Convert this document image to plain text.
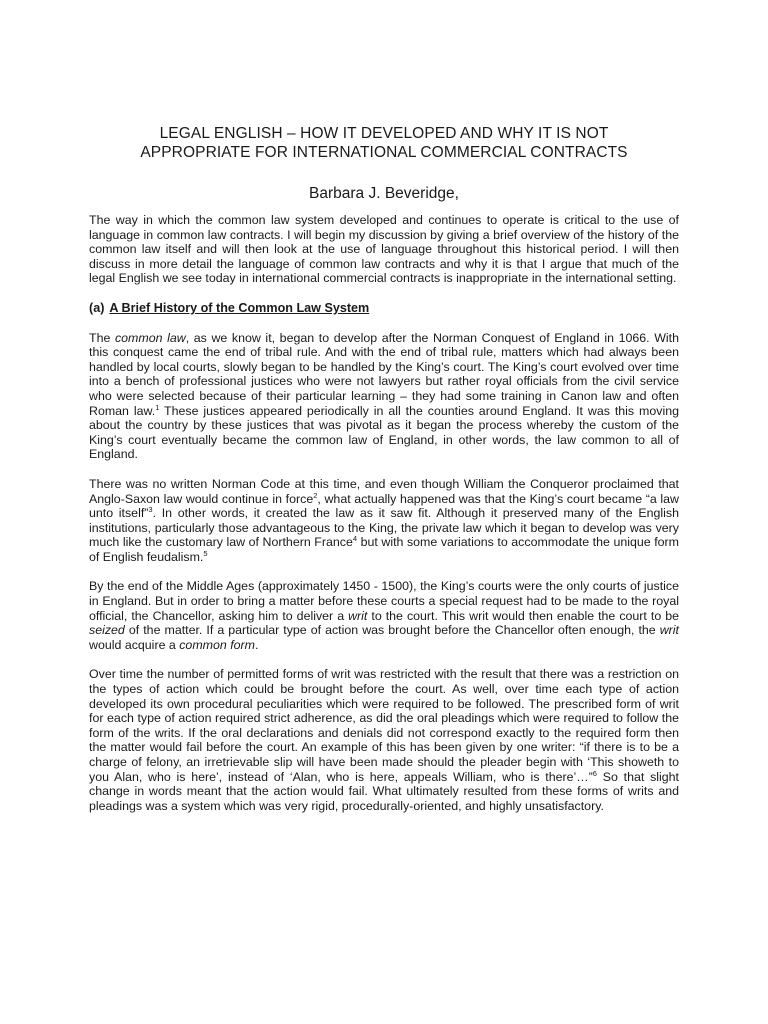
LEGAL ENGLISH – HOW IT DEVELOPED AND WHY IT IS NOT
APPROPRIATE FOR INTERNATIONAL COMMERCIAL CONTRACTS
Barbara J. Beveridge,

The way in which the common law system developed and continues to operate is critical to the use of language in common law contracts. I will begin my discussion by giving a brief overview of the history of the common law itself and will then look at the use of language throughout this historical period. I will then discuss in more detail the language of common law contracts and why it is that I argue that much of the legal English we see today in international commercial contracts is inappropriate in the international setting.

(a) A Brief History of the Common Law System

The common law, as we know it, began to develop after the Norman Conquest of England in 1066. With this conquest came the end of tribal rule. And with the end of tribal rule, matters which had always been handled by local courts, slowly began to be handled by the King’s court. The King’s court evolved over time into a bench of professional justices who were not lawyers but rather royal officials from the civil service who were selected because of their particular learning – they had some training in Canon law and often Roman law.$^1$ These justices appeared periodically in all the counties around England. It was this moving about the country by these justices that was pivotal as it began the process whereby the custom of the King’s court eventually became the common law of England, in other words, the law common to all of England.

There was no written Norman Code at this time, and even though William the Conqueror proclaimed that Anglo-Saxon law would continue in force$^2$, what actually happened was that the King’s court became “a law unto itself”$^3$. In other words, it created the law as it saw fit. Although it preserved many of the English institutions, particularly those advantageous to the King, the private law which it began to develop was very much like the customary law of Northern France$^4$ but with some variations to accommodate the unique form of English feudalism.$^5$

By the end of the Middle Ages (approximately 1450 - 1500), the King’s courts were the only courts of justice in England. But in order to bring a matter before these courts a special request had to be made to the royal official, the Chancellor, asking him to deliver a writ to the court. This writ would then enable the court to be seized of the matter. If a particular type of action was brought before the Chancellor often enough, the writ would acquire a common form.

Over time the number of permitted forms of writ was restricted with the result that there was a restriction on the types of action which could be brought before the court. As well, over time each type of action developed its own procedural peculiarities which were required to be followed. The prescribed form of writ for each type of action required strict adherence, as did the oral pleadings which were required to follow the form of the writs. If the oral declarations and denials did not correspond exactly to the required form then the matter would fail before the court. An example of this has been given by one writer: “if there is to be a charge of felony, an irretrievable slip will have been made should the pleader begin with ‘This showeth to you Alan, who is here’, instead of ‘Alan, who is here, appeals William, who is there’…”$^6$ So that slight change in words meant that the action would fail. What ultimately resulted from these forms of writs and pleadings was a system which was very rigid, procedurally-oriented, and highly unsatisfactory.
